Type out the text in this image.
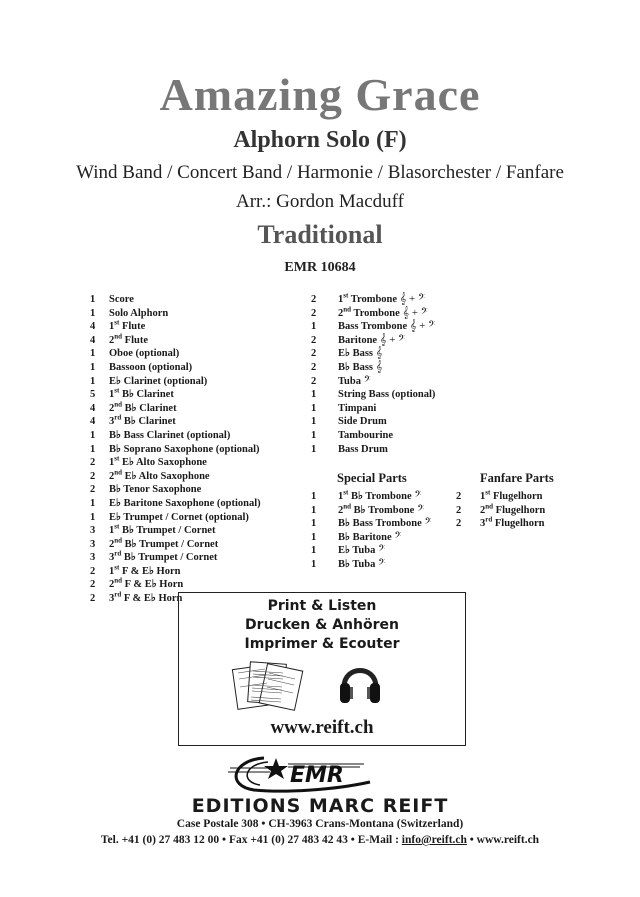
Amazing Grace
Alphorn Solo (F)
Wind Band / Concert Band / Harmonie / Blasorchester / Fanfare
Arr.: Gordon Macduff
Traditional
EMR 10684
1	Score
1	Solo Alphorn
4	1st Flute
4	2nd Flute
1	Oboe (optional)
1	Bassoon (optional)
1	E♭ Clarinet (optional)
5	1st B♭ Clarinet
4	2nd B♭ Clarinet
4	3rd B♭ Clarinet
1	B♭ Bass Clarinet (optional)
1	B♭ Soprano Saxophone (optional)
2	1st E♭ Alto Saxophone
2	2nd E♭ Alto Saxophone
2	B♭ Tenor Saxophone
1	E♭ Baritone Saxophone (optional)
1	E♭ Trumpet / Cornet (optional)
3	1st B♭ Trumpet / Cornet
3	2nd B♭ Trumpet / Cornet
3	3rd B♭ Trumpet / Cornet
2	1st F & E♭ Horn
2	2nd F & E♭ Horn
2	3rd F & E♭ Horn
2	1st Trombone 𝄞 + 𝄢
2	2nd Trombone 𝄞 + 𝄢
1	Bass Trombone 𝄞 + 𝄢
2	Baritone 𝄞 + 𝄢
2	E♭ Bass 𝄞
2	B♭ Bass 𝄞
2	Tuba 𝄢
1	String Bass (optional)
1	Timpani
1	Side Drum
1	Tambourine
1	Bass Drum
Special Parts
1	1st B♭ Trombone 𝄢
1	2nd B♭ Trombone 𝄢
1	B♭ Bass Trombone 𝄢
1	B♭ Baritone 𝄢
1	E♭ Tuba 𝄢
1	B♭ Tuba 𝄢
Fanfare Parts
2	1st Flugelhorn
2	2nd Flugelhorn
2	3rd Flugelhorn
Print & Listen
Drucken & Anhören
Imprimer & Ecouter
www.reift.ch
EMR
EDITIONS MARC REIFT
Case Postale 308 • CH-3963 Crans-Montana (Switzerland)
Tel. +41 (0) 27 483 12 00 • Fax +41 (0) 27 483 42 43 • E-Mail : info@reift.ch • www.reift.ch
